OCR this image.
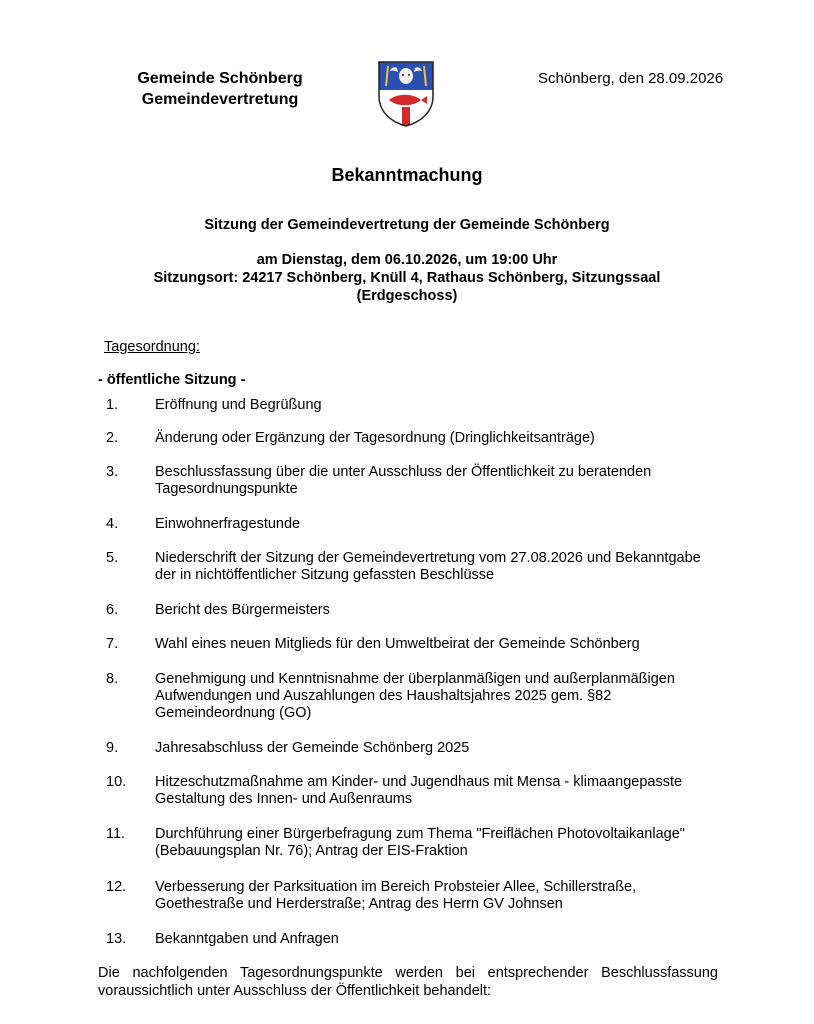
Gemeinde Schönberg
Gemeindevertretung
Schönberg, den 28.09.2026
Bekanntmachung
Sitzung der Gemeindevertretung der Gemeinde Schönberg
am Dienstag, dem 06.10.2026, um 19:00 Uhr
Sitzungsort: 24217 Schönberg, Knüll 4, Rathaus Schönberg, Sitzungssaal
(Erdgeschoss)
Tagesordnung:
- öffentliche Sitzung -
1.	Eröffnung und Begrüßung
2.	Änderung oder Ergänzung der Tagesordnung (Dringlichkeitsanträge)
3.	Beschlussfassung über die unter Ausschluss der Öffentlichkeit zu beratenden
Tagesordnungspunkte
4.	Einwohnerfragestunde
5.	Niederschrift der Sitzung der Gemeindevertretung vom 27.08.2026 und Bekanntgabe
der in nichtöffentlicher Sitzung gefassten Beschlüsse
6.	Bericht des Bürgermeisters
7.	Wahl eines neuen Mitglieds für den Umweltbeirat der Gemeinde Schönberg
8.	Genehmigung und Kenntnisnahme der überplanmäßigen und außerplanmäßigen
Aufwendungen und Auszahlungen des Haushaltsjahres 2025 gem. §82
Gemeindeordnung (GO)
9.	Jahresabschluss der Gemeinde Schönberg 2025
10. Hitzeschutzmaßnahme am Kinder- und Jugendhaus mit Mensa - klimaangepasste
Gestaltung des Innen- und Außenraums
11. Durchführung einer Bürgerbefragung zum Thema "Freiflächen Photovoltaikanlage"
(Bebauungsplan Nr. 76); Antrag der EIS-Fraktion
12. Verbesserung der Parksituation im Bereich Probsteier Allee, Schillerstraße,
Goethestraße und Herderstraße; Antrag des Herrn GV Johnsen
13. Bekanntgaben und Anfragen
Die nachfolgenden Tagesordnungspunkte werden bei entsprechender Beschlussfassung voraussichtlich unter Ausschluss der Öffentlichkeit behandelt:
